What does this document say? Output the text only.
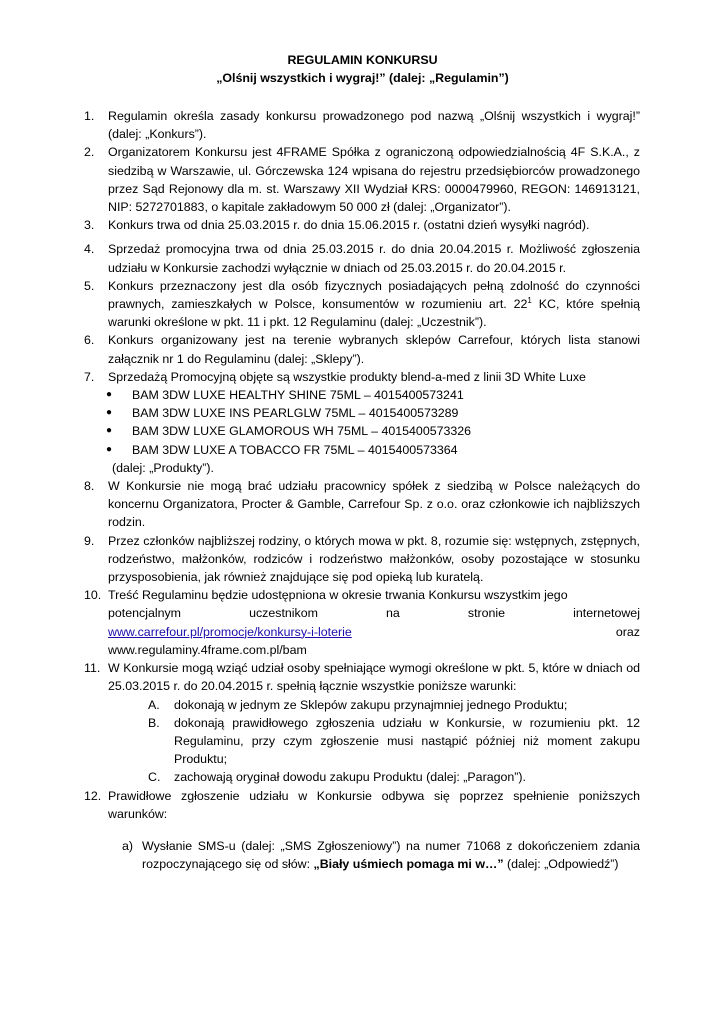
REGULAMIN KONKURSU

„Olśnij wszystkich i wygraj!” (dalej: „Regulamin”)

1.	Regulamin określa zasady konkursu prowadzonego pod nazwą „Olśnij wszystkich i wygraj!” (dalej: „Konkurs”).
2.	Organizatorem Konkursu jest 4FRAME Spółka z ograniczoną odpowiedzialnością 4F S.K.A., z siedzibą w Warszawie, ul. Górczewska 124 wpisana do rejestru przedsiębiorców prowadzonego przez Sąd Rejonowy dla m. st. Warszawy XII Wydział KRS: 0000479960, REGON: 146913121, NIP: 5272701883, o kapitale zakładowym 50 000 zł (dalej: „Organizator”).
3.	Konkurs trwa od dnia 25.03.2015 r. do dnia 15.06.2015 r. (ostatni dzień wysyłki nagród).
4.	Sprzedaż promocyjna trwa od dnia 25.03.2015 r. do dnia 20.04.2015 r. Możliwość zgłoszenia udziału w Konkursie zachodzi wyłącznie w dniach od 25.03.2015 r. do 20.04.2015 r.
5.	Konkurs przeznaczony jest dla osób fizycznych posiadających pełną zdolność do czynności prawnych, zamieszkałych w Polsce, konsumentów w rozumieniu art. $22^1$ KC, które spełnią warunki określone w pkt. 11 i pkt. 12 Regulaminu (dalej: „Uczestnik”).
6.	Konkurs organizowany jest na terenie wybranych sklepów Carrefour, których lista stanowi załącznik nr 1 do Regulaminu (dalej: „Sklepy”).
7.	Sprzedażą Promocyjną objęte są wszystkie produkty blend-a-med z linii 3D White Luxe
●	BAM 3DW LUXE HEALTHY SHINE 75ML – 4015400573241
●	BAM 3DW LUXE INS PEARLGLW 75ML – 4015400573289
●	BAM 3DW LUXE GLAMOROUS WH 75ML – 4015400573326
●	BAM 3DW LUXE A TOBACCO FR 75ML – 4015400573364
(dalej: „Produkty”).
8.	W Konkursie nie mogą brać udziału pracownicy spółek z siedzibą w Polsce należących do koncernu Organizatora, Procter & Gamble, Carrefour Sp. z o.o. oraz członkowie ich najbliższych rodzin.
9.	Przez członków najbliższej rodziny, o których mowa w pkt. 8, rozumie się: wstępnych, zstępnych, rodzeństwo, małżonków, rodziców i rodzeństwo małżonków, osoby pozostające w stosunku przysposobienia, jak również znajdujące się pod opieką lub kuratelą.
10. Treść Regulaminu będzie udostępniona w okresie trwania Konkursu wszystkim jego
potencjalnym	uczestnikom	na	stronie	internetowej
www.carrefour.pl/promocje/konkursy-i-loterie	oraz
www.regulaminy.4frame.com.pl/bam
11. W Konkursie mogą wziąć udział osoby spełniające wymogi określone w pkt. 5, które w dniach od 25.03.2015 r. do 20.04.2015 r. spełnią łącznie wszystkie poniższe warunki:
A.	dokonają w jednym ze Sklepów zakupu przynajmniej jednego Produktu;
B.	dokonają prawidłowego zgłoszenia udziału w Konkursie, w rozumieniu pkt. 12 Regulaminu, przy czym zgłoszenie musi nastąpić później niż moment zakupu Produktu;
C.	zachowają oryginał dowodu zakupu Produktu (dalej: „Paragon”).
12. Prawidłowe zgłoszenie udziału w Konkursie odbywa się poprzez spełnienie poniższych warunków:
a) Wysłanie SMS-u (dalej: „SMS Zgłoszeniowy”) na numer 71068 z dokończeniem zdania rozpoczynającego się od słów: „Biały uśmiech pomaga mi w…” (dalej: „Odpowiedź”)
